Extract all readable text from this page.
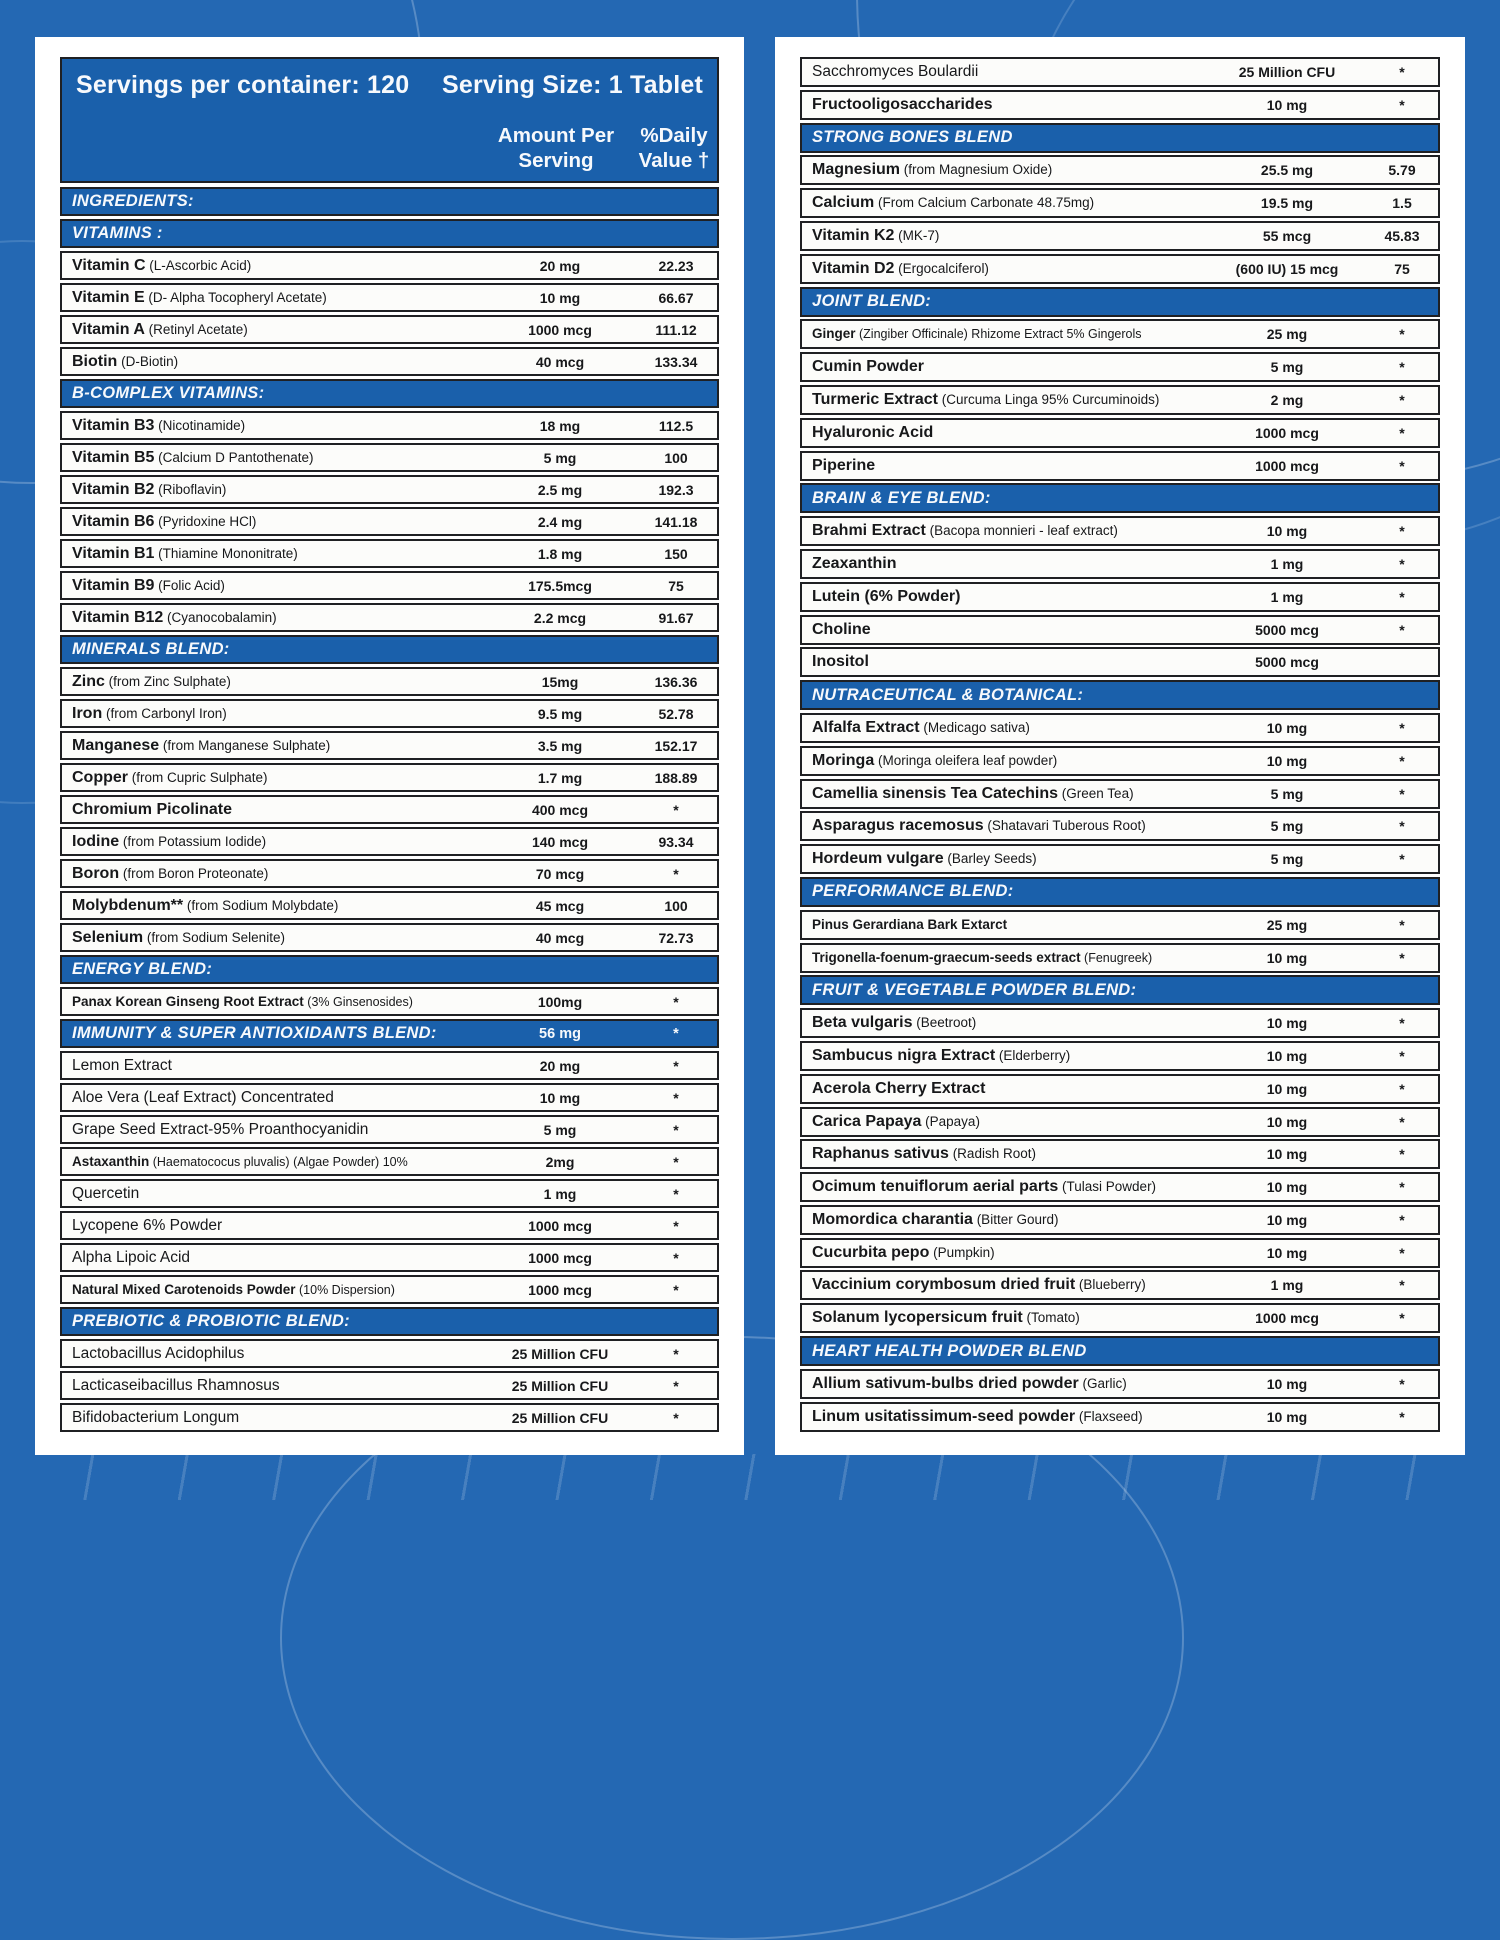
Servings per container: 120 Serving Size: 1 Tablet
Amount Per
Serving
%Daily
Value †
INGREDIENTS:
VITAMINS :
Vitamin C (L-Ascorbic Acid)	20 mg	22.23
Vitamin E (D- Alpha Tocopheryl Acetate)	10 mg	66.67
Vitamin A (Retinyl Acetate)	1000 mcg	111.12
Biotin (D-Biotin)	40 mcg	133.34
B-COMPLEX VITAMINS:
Vitamin B3 (Nicotinamide)	18 mg	112.5
Vitamin B5 (Calcium D Pantothenate)	5 mg	100
Vitamin B2 (Riboflavin)	2.5 mg	192.3
Vitamin B6 (Pyridoxine HCl)	2.4 mg	141.18
Vitamin B1 (Thiamine Mononitrate)	1.8 mg	150
Vitamin B9 (Folic Acid)	175.5mcg	75
Vitamin B12 (Cyanocobalamin)	2.2 mcg	91.67
MINERALS BLEND:
Zinc (from Zinc Sulphate)	15mg	136.36
Iron (from Carbonyl Iron)	9.5 mg	52.78
Manganese (from Manganese Sulphate)	3.5 mg	152.17
Copper (from Cupric Sulphate)	1.7 mg	188.89
Chromium Picolinate	400 mcg	*
Iodine (from Potassium Iodide)	140 mcg	93.34
Boron (from Boron Proteonate)	70 mcg	*
Molybdenum** (from Sodium Molybdate)	45 mcg	100
Selenium (from Sodium Selenite)	40 mcg	72.73
ENERGY BLEND:
Panax Korean Ginseng Root Extract (3% Ginsenosides)	100mg	*
IMMUNITY & SUPER ANTIOXIDANTS BLEND:	56 mg	*
Lemon Extract	20 mg	*
Aloe Vera (Leaf Extract) Concentrated	10 mg	*
Grape Seed Extract-95% Proanthocyanidin	5 mg	*
Astaxanthin (Haematococus pluvalis) (Algae Powder) 10%	2mg	*
Quercetin	1 mg	*
Lycopene 6% Powder	1000 mcg	*
Alpha Lipoic Acid	1000 mcg	*
Natural Mixed Carotenoids Powder (10% Dispersion)	1000 mcg	*
PREBIOTIC & PROBIOTIC BLEND:
Lactobacillus Acidophilus	25 Million CFU	*
Lacticaseibacillus Rhamnosus	25 Million CFU	*
Bifidobacterium Longum	25 Million CFU	*
Sacchromyces Boulardii	25 Million CFU	*
Fructooligosaccharides	10 mg	*
STRONG BONES BLEND
Magnesium (from Magnesium Oxide)	25.5 mg	5.79
Calcium (From Calcium Carbonate 48.75mg)	19.5 mg	1.5
Vitamin K2 (MK-7)	55 mcg	45.83
Vitamin D2 (Ergocalciferol)	(600 IU) 15 mcg	75
JOINT BLEND:
Ginger (Zingiber Officinale) Rhizome Extract 5% Gingerols	25 mg	*
Cumin Powder	5 mg	*
Turmeric Extract (Curcuma Linga 95% Curcuminoids)	2 mg	*
Hyaluronic Acid	1000 mcg	*
Piperine	1000 mcg	*
BRAIN & EYE BLEND:
Brahmi Extract (Bacopa monnieri - leaf extract)	10 mg	*
Zeaxanthin	1 mg	*
Lutein (6% Powder)	1 mg	*
Choline	5000 mcg	*
Inositol	5000 mcg
NUTRACEUTICAL & BOTANICAL:
Alfalfa Extract (Medicago sativa)	10 mg	*
Moringa (Moringa oleifera leaf powder)	10 mg	*
Camellia sinensis Tea Catechins (Green Tea)	5 mg	*
Asparagus racemosus (Shatavari Tuberous Root)	5 mg	*
Hordeum vulgare (Barley Seeds)	5 mg	*
PERFORMANCE BLEND:
Pinus Gerardiana Bark Extarct	25 mg	*
Trigonella-foenum-graecum-seeds extract (Fenugreek)	10 mg	*
FRUIT & VEGETABLE POWDER BLEND:
Beta vulgaris (Beetroot)	10 mg	*
Sambucus nigra Extract (Elderberry)	10 mg	*
Acerola Cherry Extract	10 mg	*
Carica Papaya (Papaya)	10 mg	*
Raphanus sativus (Radish Root)	10 mg	*
Ocimum tenuiflorum aerial parts (Tulasi Powder)	10 mg	*
Momordica charantia (Bitter Gourd)	10 mg	*
Cucurbita pepo (Pumpkin)	10 mg	*
Vaccinium corymbosum dried fruit (Blueberry)	1 mg	*
Solanum lycopersicum fruit (Tomato)	1000 mcg	*
HEART HEALTH POWDER BLEND
Allium sativum-bulbs dried powder (Garlic)	10 mg	*
Linum usitatissimum-seed powder (Flaxseed)	10 mg	*
